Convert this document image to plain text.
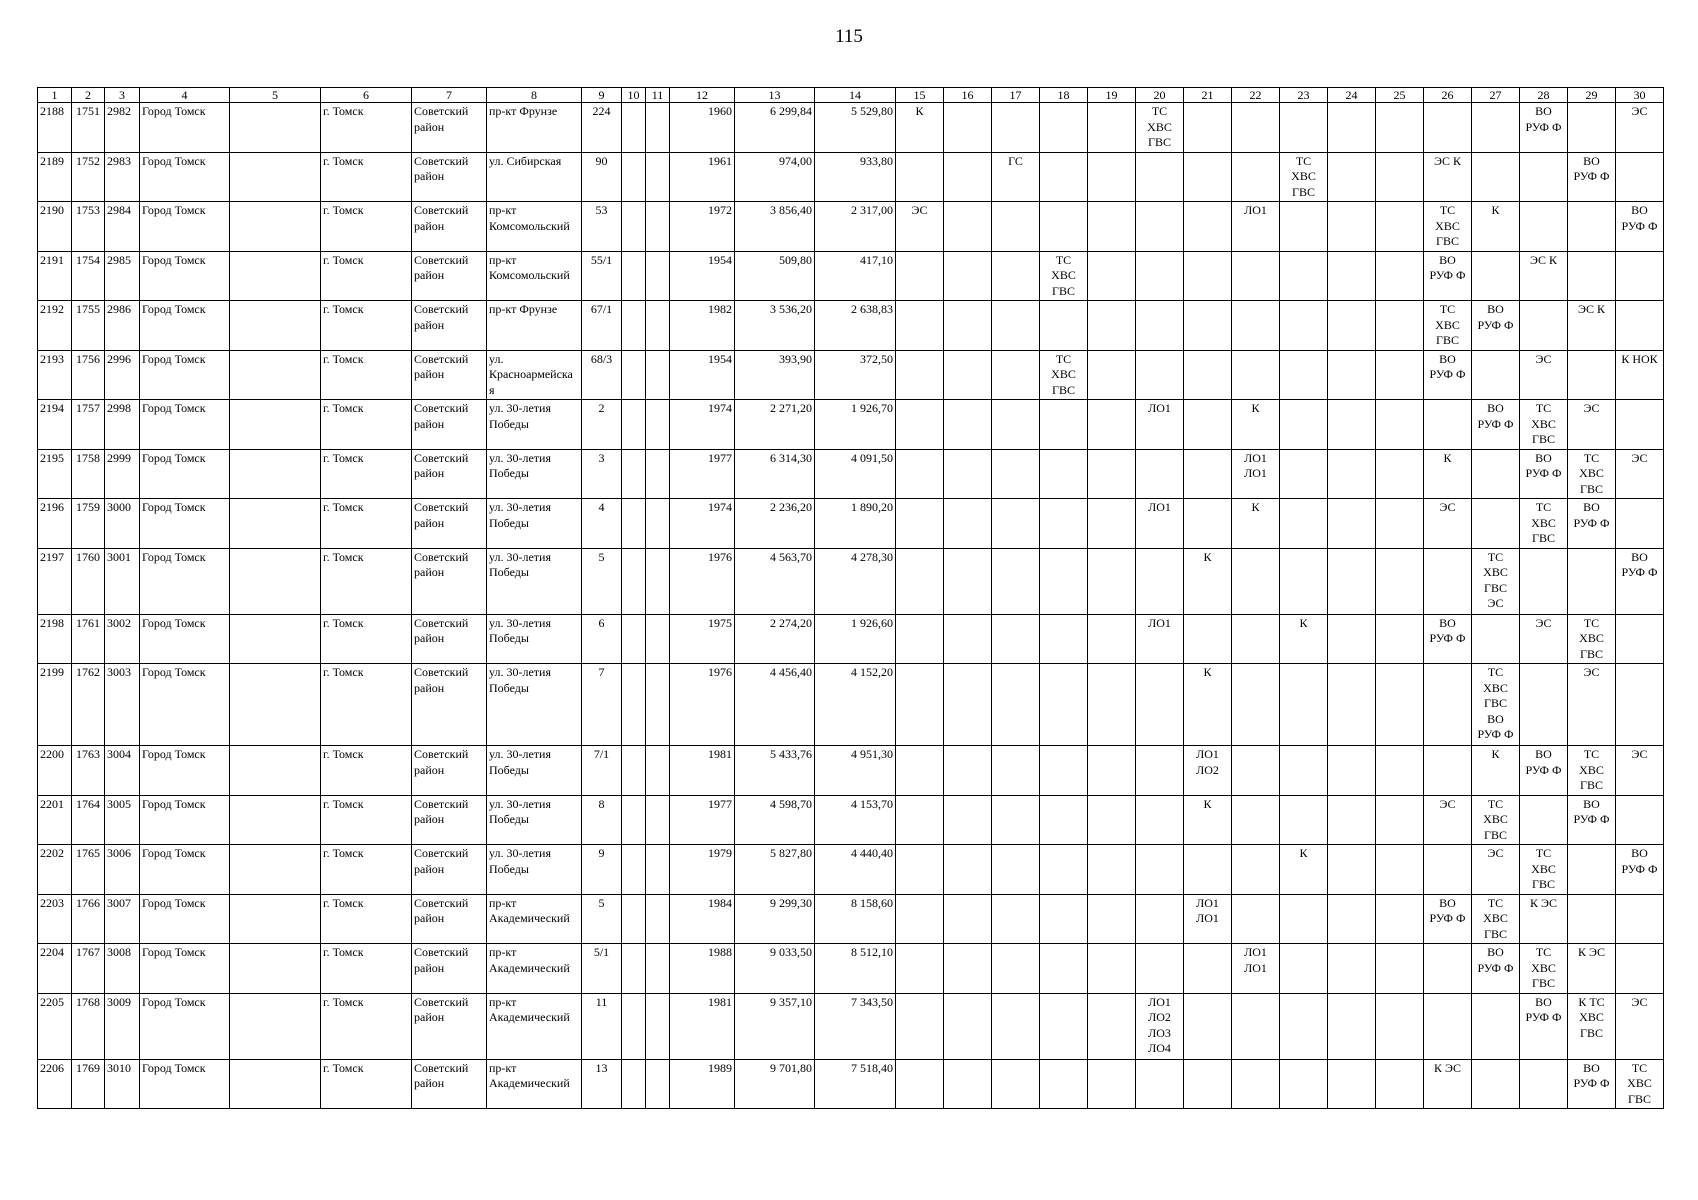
115
1	2	3	4	5	6	7	8	9	10	11	12	13	14	15	16	17	18	19	20	21	22	23	24	25	26	27	28	29	30
2188	1751	2982	Город Томск		г. Томск	Советский
район	пр-кт Фрунзе	224			1960	6 299,84	5 529,80	К					ТС
ХВС
ГВС								ВО
РУФ Ф		ЭС
2189	1752	2983	Город Томск		г. Томск	Советский
район	ул. Сибирская	90			1961	974,00	933,80			ГС						ТС
ХВС
ГВС			ЭС К			ВО
РУФ Ф	
2190	1753	2984	Город Томск		г. Томск	Советский
район	пр-кт
Комсомольский	53			1972	3 856,40	2 317,00	ЭС							ЛО1				ТС
ХВС
ГВС	К			ВО
РУФ Ф
2191	1754	2985	Город Томск		г. Томск	Советский
район	пр-кт
Комсомольский	55/1			1954	509,80	417,10				ТС
ХВС
ГВС								ВО
РУФ Ф		ЭС К		
2192	1755	2986	Город Томск		г. Томск	Советский
район	пр-кт Фрунзе	67/1			1982	3 536,20	2 638,83												ТС
ХВС
ГВС	ВО
РУФ Ф		ЭС К	
2193	1756	2996	Город Томск		г. Томск	Советский
район	ул.
Красноармейска
я	68/3			1954	393,90	372,50				ТС
ХВС
ГВС								ВО
РУФ Ф		ЭС		К НОК
2194	1757	2998	Город Томск		г. Томск	Советский
район	ул. 30-летия
Победы	2			1974	2 271,20	1 926,70						ЛО1		К					ВО
РУФ Ф	ТС
ХВС
ГВС	ЭС	
2195	1758	2999	Город Томск		г. Томск	Советский
район	ул. 30-летия
Победы	3			1977	6 314,30	4 091,50								ЛО1
ЛО1				К		ВО
РУФ Ф	ТС
ХВС
ГВС	ЭС
2196	1759	3000	Город Томск		г. Томск	Советский
район	ул. 30-летия
Победы	4			1974	2 236,20	1 890,20						ЛО1		К				ЭС		ТС
ХВС
ГВС	ВО
РУФ Ф	
2197	1760	3001	Город Томск		г. Томск	Советский
район	ул. 30-летия
Победы	5			1976	4 563,70	4 278,30							К						ТС
ХВС
ГВС
ЭС			ВО
РУФ Ф
2198	1761	3002	Город Томск		г. Томск	Советский
район	ул. 30-летия
Победы	6			1975	2 274,20	1 926,60						ЛО1			К			ВО
РУФ Ф		ЭС	ТС
ХВС
ГВС	
2199	1762	3003	Город Томск		г. Томск	Советский
район	ул. 30-летия
Победы	7			1976	4 456,40	4 152,20							К						ТС
ХВС
ГВС
ВО
РУФ Ф		ЭС	
2200	1763	3004	Город Томск		г. Томск	Советский
район	ул. 30-летия
Победы	7/1			1981	5 433,76	4 951,30							ЛО1
ЛО2						К	ВО
РУФ Ф	ТС
ХВС
ГВС	ЭС
2201	1764	3005	Город Томск		г. Томск	Советский
район	ул. 30-летия
Победы	8			1977	4 598,70	4 153,70							К					ЭС	ТС
ХВС
ГВС		ВО
РУФ Ф	
2202	1765	3006	Город Томск		г. Томск	Советский
район	ул. 30-летия
Победы	9			1979	5 827,80	4 440,40									К				ЭС	ТС
ХВС
ГВС		ВО
РУФ Ф
2203	1766	3007	Город Томск		г. Томск	Советский
район	пр-кт
Академический	5			1984	9 299,30	8 158,60							ЛО1
ЛО1					ВО
РУФ Ф	ТС
ХВС
ГВС	К ЭС		
2204	1767	3008	Город Томск		г. Томск	Советский
район	пр-кт
Академический	5/1			1988	9 033,50	8 512,10								ЛО1
ЛО1					ВО
РУФ Ф	ТС
ХВС
ГВС	К ЭС	
2205	1768	3009	Город Томск		г. Томск	Советский
район	пр-кт
Академический	11			1981	9 357,10	7 343,50						ЛО1
ЛО2
ЛО3
ЛО4								ВО
РУФ Ф	К ТС
ХВС
ГВС	ЭС
2206	1769	3010	Город Томск		г. Томск	Советский
район	пр-кт
Академический	13			1989	9 701,80	7 518,40												К ЭС			ВО
РУФ Ф	ТС
ХВС
ГВС
